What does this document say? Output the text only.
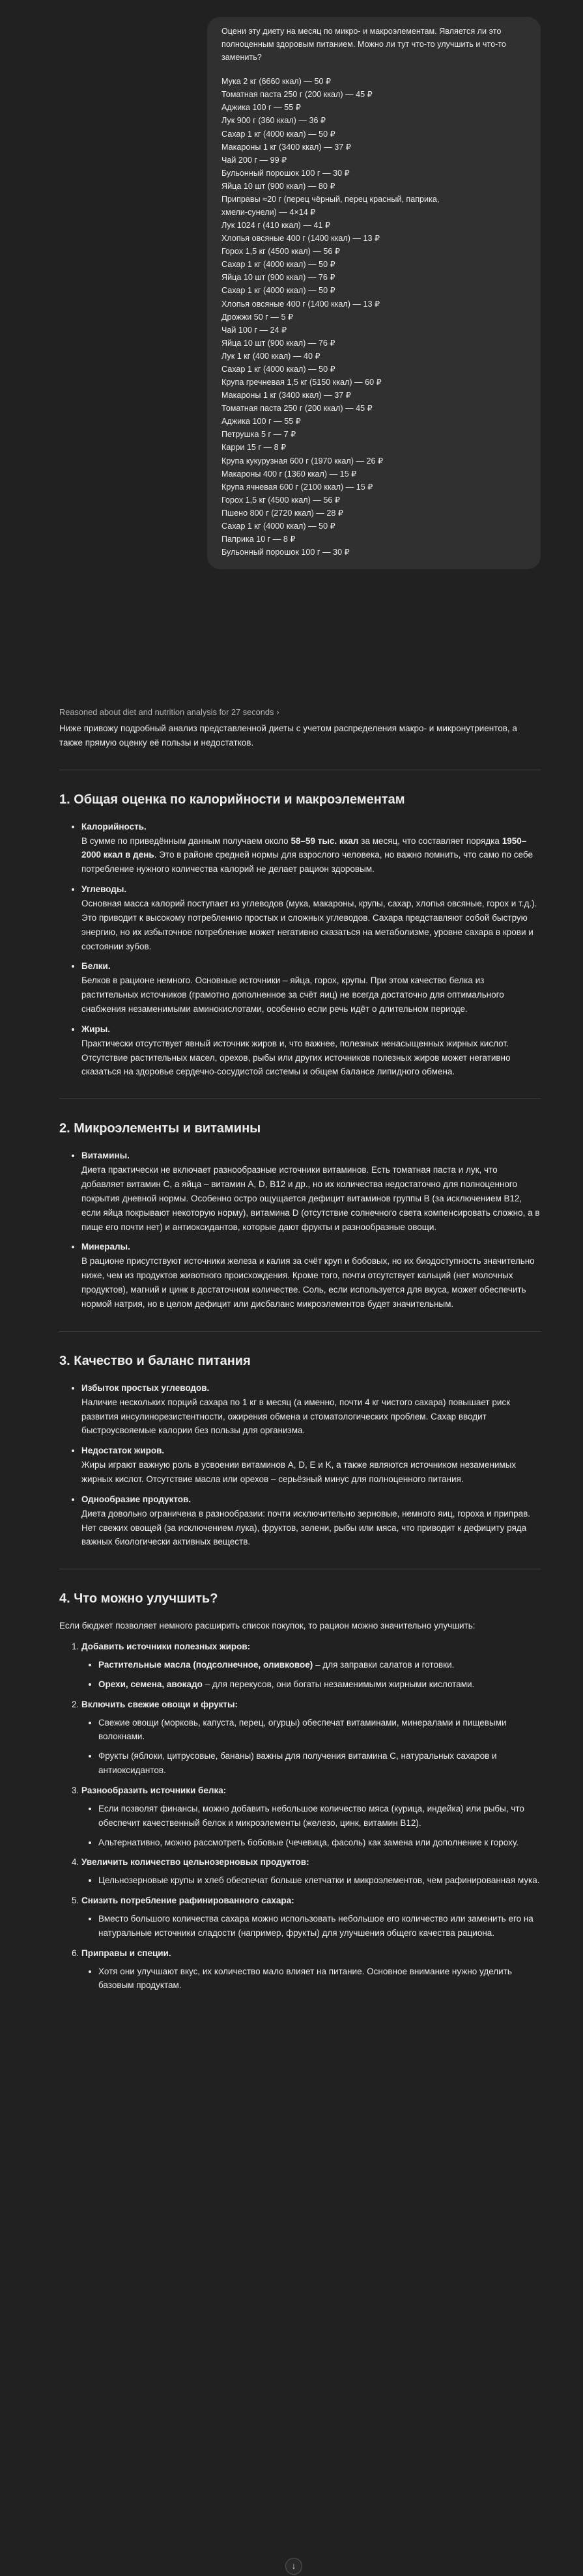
Оцени эту диету на месяц по микро- и макроэлементам. Является ли это полноценным здоровым питанием. Можно ли тут что-то улучшить и что-то заменить?

Мука 2 кг (6660 ккал) — 50 ₽
Томатная паста 250 г (200 ккал) — 45 ₽
Аджика 100 г — 55 ₽
Лук 900 г (360 ккал) — 36 ₽
Сахар 1 кг (4000 ккал) — 50 ₽
Макароны 1 кг (3400 ккал) — 37 ₽
Чай 200 г — 99 ₽
Бульонный порошок 100 г — 30 ₽
Яйца 10 шт (900 ккал) — 80 ₽
Приправы ≈20 г (перец чёрный, перец красный, паприка,
хмели-сунели) — 4×14 ₽
Лук 1024 г (410 ккал) — 41 ₽
Хлопья овсяные 400 г (1400 ккал) — 13 ₽
Горох 1,5 кг (4500 ккал) — 56 ₽
Сахар 1 кг (4000 ккал) — 50 ₽
Яйца 10 шт (900 ккал) — 76 ₽
Сахар 1 кг (4000 ккал) — 50 ₽
Хлопья овсяные 400 г (1400 ккал) — 13 ₽
Дрожжи 50 г — 5 ₽
Чай 100 г — 24 ₽
Яйца 10 шт (900 ккал) — 76 ₽
Лук 1 кг (400 ккал) — 40 ₽
Сахар 1 кг (4000 ккал) — 50 ₽
Крупа гречневая 1,5 кг (5150 ккал) — 60 ₽
Макароны 1 кг (3400 ккал) — 37 ₽
Томатная паста 250 г (200 ккал) — 45 ₽
Аджика 100 г — 55 ₽
Петрушка 5 г — 7 ₽
Карри 15 г — 8 ₽
Крупа кукурузная 600 г (1970 ккал) — 26 ₽
Макароны 400 г (1360 ккал) — 15 ₽
Крупа ячневая 600 г (2100 ккал) — 15 ₽
Горох 1,5 кг (4500 ккал) — 56 ₽
Пшено 800 г (2720 ккал) — 28 ₽
Сахар 1 кг (4000 ккал) — 50 ₽
Паприка 10 г — 8 ₽
Бульонный порошок 100 г — 30 ₽
Reasoned about diet and nutrition analysis for 27 seconds ›

Ниже привожу подробный анализ представленной диеты с учетом распределения макро- и микронутриентов, а также прямую оценку её пользы и недостатков.

1. Общая оценка по калорийности и макроэлементам
• Калорийность.
В сумме по приведённым данным получаем около 58–59 тыс. ккал за месяц, что составляет порядка 1950–2000 ккал в день. Это в районе средней нормы для взрослого человека, но важно помнить, что само по себе потребление нужного количества калорий не делает рацион здоровым.
• Углеводы.
Основная масса калорий поступает из углеводов (мука, макароны, крупы, сахар, хлопья овсяные, горох и т.д.). Это приводит к высокому потреблению простых и сложных углеводов. Сахара представляют собой быструю энергию, но их избыточное потребление может негативно сказаться на метаболизме, уровне сахара в крови и состоянии зубов.
• Белки.
Белков в рационе немного. Основные источники – яйца, горох, крупы. При этом качество белка из растительных источников (грамотно дополненное за счёт яиц) не всегда достаточно для оптимального снабжения незаменимыми аминокислотами, особенно если речь идёт о длительном периоде.
• Жиры.
Практически отсутствует явный источник жиров и, что важнее, полезных ненасыщенных жирных кислот. Отсутствие растительных масел, орехов, рыбы или других источников полезных жиров может негативно сказаться на здоровье сердечно-сосудистой системы и общем балансе липидного обмена.
2. Микроэлементы и витамины
• Витамины.
Диета практически не включает разнообразные источники витаминов. Есть томатная паста и лук, что добавляет витамин C, а яйца – витамин A, D, B12 и др., но их количества недостаточно для полноценного покрытия дневной нормы. Особенно остро ощущается дефицит витаминов группы B (за исключением B12, если яйца покрывают некоторую норму), витамина D (отсутствие солнечного света компенсировать сложно, а в пище его почти нет) и антиоксидантов, которые дают фрукты и разнообразные овощи.
• Минералы.
В рационе присутствуют источники железа и калия за счёт круп и бобовых, но их биодоступность значительно ниже, чем из продуктов животного происхождения. Кроме того, почти отсутствует кальций (нет молочных продуктов), магний и цинк в достаточном количестве. Соль, если используется для вкуса, может обеспечить нормой натрия, но в целом дефицит или дисбаланс микроэлементов будет значительным.
3. Качество и баланс питания
• Избыток простых углеводов.
Наличие нескольких порций сахара по 1 кг в месяц (а именно, почти 4 кг чистого сахара) повышает риск развития инсулинорезистентности, ожирения обмена и стоматологических проблем. Сахар вводит быстроусвояемые калории без пользы для организма.
• Недостаток жиров.
Жиры играют важную роль в усвоении витаминов A, D, E и K, а также являются источником незаменимых жирных кислот. Отсутствие масла или орехов – серьёзный минус для полноценного питания.
• Однообразие продуктов.
Диета довольно ограничена в разнообразии: почти исключительно зерновые, немного яиц, гороха и приправ. Нет свежих овощей (за исключением лука), фруктов, зелени, рыбы или мяса, что приводит к дефициту ряда важных биологически активных веществ.
4. Что можно улучшить?

Если бюджет позволяет немного расширить список покупок, то рацион можно значительно улучшить:

1. Добавить источники полезных жиров:
• Растительные масла (подсолнечное, оливковое) – для заправки салатов и готовки.
• Орехи, семена, авокадо – для перекусов, они богаты незаменимыми жирными кислотами.
2. Включить свежие овощи и фрукты:
• Свежие овощи (морковь, капуста, перец, огурцы) обеспечат витаминами, минералами и пищевыми волокнами.
• Фрукты (яблоки, цитрусовые, бананы) важны для получения витамина C, натуральных сахаров и антиоксидантов.
3. Разнообразить источники белка:
• Если позволят финансы, можно добавить небольшое количество мяса (курица, индейка) или рыбы, что обеспечит качественный белок и микроэлементы (железо, цинк, витамин B12).
• Альтернативно, можно рассмотреть бобовые (чечевица, фасоль) как замена или дополнение к гороху.
4. Увеличить количество цельнозерновых продуктов:
• Цельнозерновые крупы и хлеб обеспечат больше клетчатки и микроэлементов, чем рафинированная мука.
5. Снизить потребление рафинированного сахара:
• Вместо большого количества сахара можно использовать небольшое его количество или заменить его на натуральные источники сладости (например, фрукты) для улучшения общего качества рациона.
6. Приправы и специи.
• Хотя они улучшают вкус, их количество мало влияет на питание. Основное внимание нужно уделить базовым продуктам.
↓
